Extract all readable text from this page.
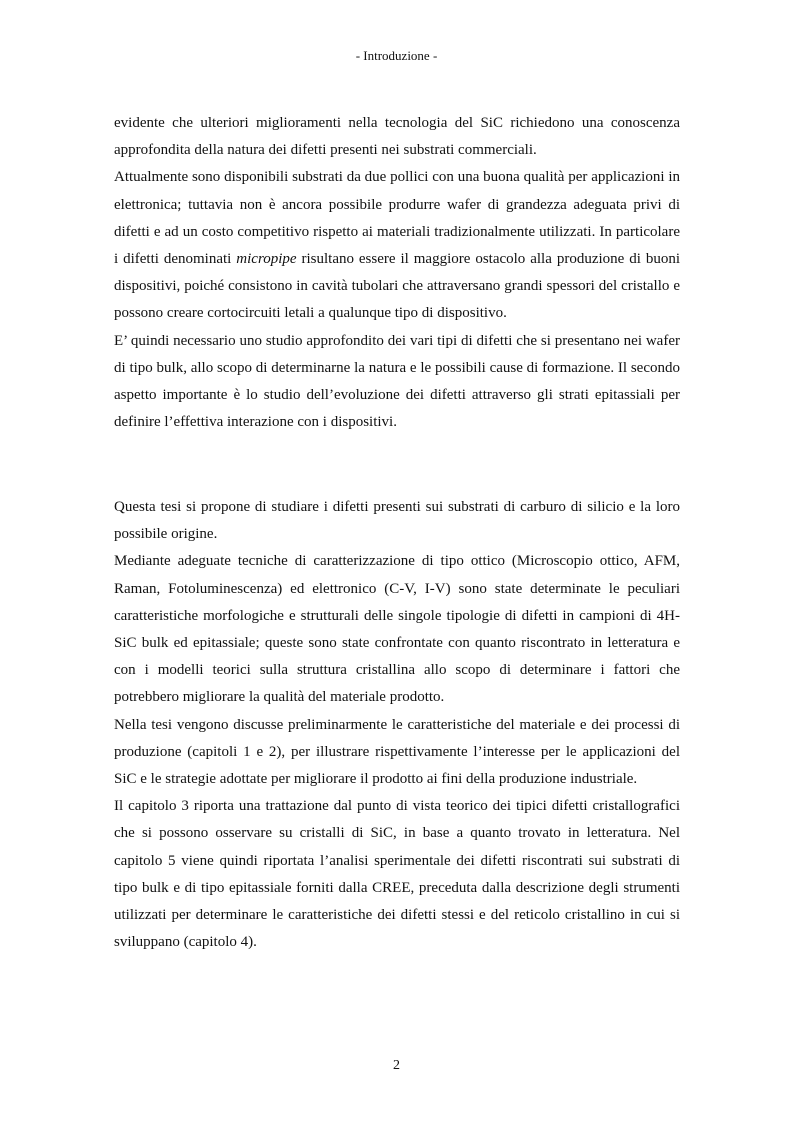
- Introduzione -

evidente che ulteriori miglioramenti nella tecnologia del SiC richiedono una conoscenza approfondita della natura dei difetti presenti nei substrati commerciali.

Attualmente sono disponibili substrati da due pollici con una buona qualità per applicazioni in elettronica; tuttavia non è ancora possibile produrre wafer di grandezza adeguata privi di difetti e ad un costo competitivo rispetto ai materiali tradizionalmente utilizzati. In particolare i difetti denominati micropipe risultano essere il maggiore ostacolo alla produzione di buoni dispositivi, poiché consistono in cavità tubolari che attraversano grandi spessori del cristallo e possono creare cortocircuiti letali a qualunque tipo di dispositivo.

E’ quindi necessario uno studio approfondito dei vari tipi di difetti che si presentano nei wafer di tipo bulk, allo scopo di determinarne la natura e le possibili cause di formazione. Il secondo aspetto importante è lo studio dell’evoluzione dei difetti attraverso gli strati epitassiali per definire l’effettiva interazione con i dispositivi.

Questa tesi si propone di studiare i difetti presenti sui substrati di carburo di silicio e la loro possibile origine.

Mediante adeguate tecniche di caratterizzazione di tipo ottico (Microscopio ottico, AFM, Raman, Fotoluminescenza) ed elettronico (C-V, I-V) sono state determinate le peculiari caratteristiche morfologiche e strutturali delle singole tipologie di difetti in campioni di 4H-SiC bulk ed epitassiale; queste sono state confrontate con quanto riscontrato in letteratura e con i modelli teorici sulla struttura cristallina allo scopo di determinare i fattori che potrebbero migliorare la qualità del materiale prodotto.

Nella tesi vengono discusse preliminarmente le caratteristiche del materiale e dei processi di produzione (capitoli 1 e 2), per illustrare rispettivamente l’interesse per le applicazioni del SiC e le strategie adottate per migliorare il prodotto ai fini della produzione industriale.

Il capitolo 3 riporta una trattazione dal punto di vista teorico dei tipici difetti cristallografici che si possono osservare su cristalli di SiC, in base a quanto trovato in letteratura. Nel capitolo 5 viene quindi riportata l’analisi sperimentale dei difetti riscontrati sui substrati di tipo bulk e di tipo epitassiale forniti dalla CREE, preceduta dalla descrizione degli strumenti utilizzati per determinare le caratteristiche dei difetti stessi e del reticolo cristallino in cui si sviluppano (capitolo 4).

2
